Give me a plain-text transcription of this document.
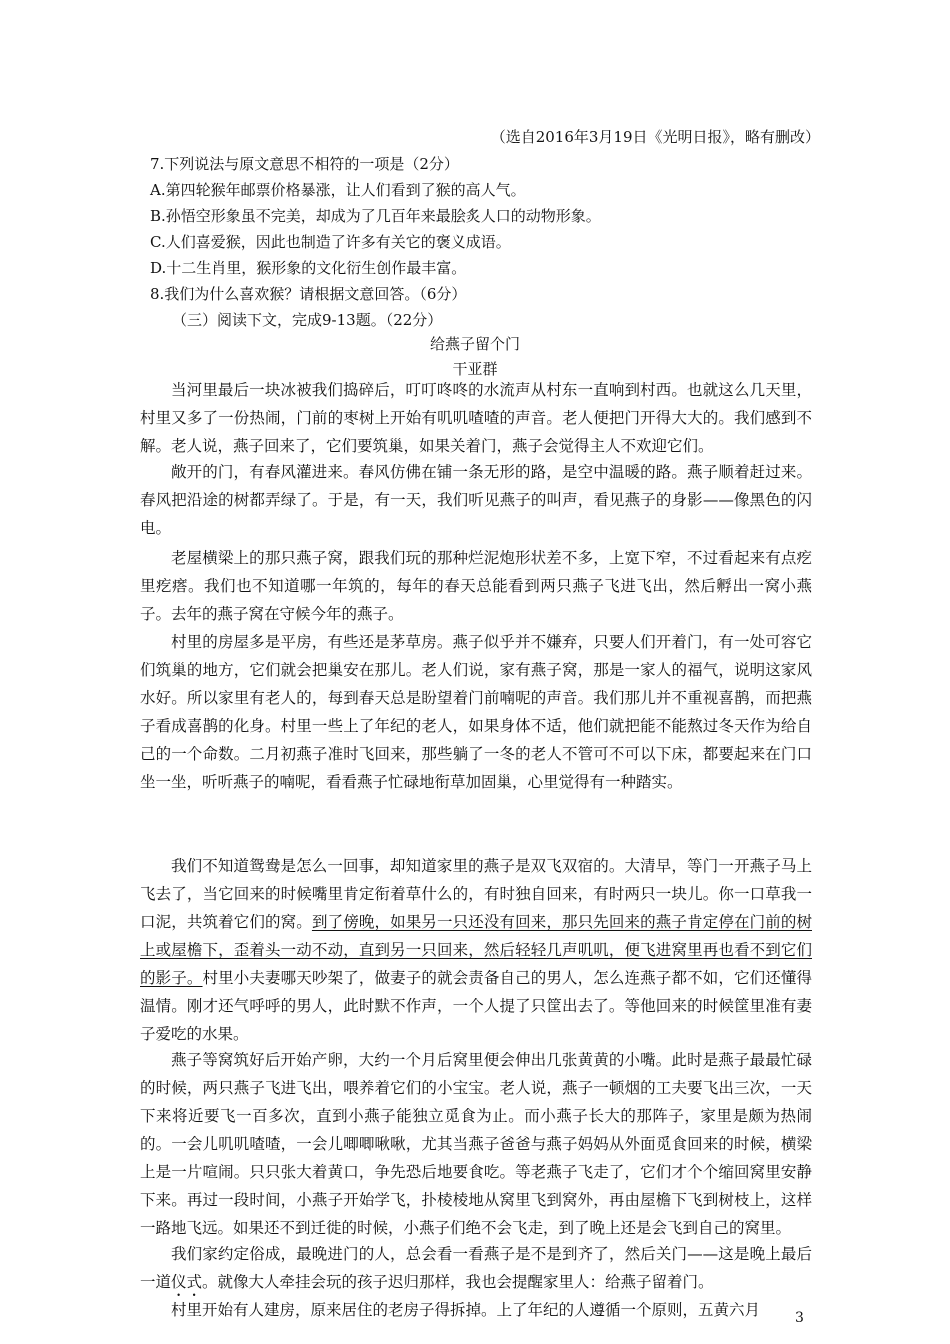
（选自2016年3月19日《光明日报》，略有删改）
7.下列说法与原文意思不相符的一项是（2分）
A.第四轮猴年邮票价格暴涨，让人们看到了猴的高人气。
B.孙悟空形象虽不完美，却成为了几百年来最脍炙人口的动物形象。
C.人们喜爱猴，因此也制造了许多有关它的褒义成语。
D.十二生肖里，猴形象的文化衍生创作最丰富。
8.我们为什么喜欢猴？请根据文意回答。（6分）
（三）阅读下文，完成9-13题。（22分）
给燕子留个门
干亚群
当河里最后一块冰被我们捣碎后，叮叮咚咚的水流声从村东一直响到村西。也就这么几天里，村里又多了一份热闹，门前的枣树上开始有叽叽喳喳的声音。老人便把门开得大大的。我们感到不解。老人说，燕子回来了，它们要筑巢，如果关着门，燕子会觉得主人不欢迎它们。
敞开的门，有春风灌进来。春风仿佛在铺一条无形的路，是空中温暖的路。燕子顺着赶过来。春风把沿途的树都弄绿了。于是，有一天，我们听见燕子的叫声，看见燕子的身影——像黑色的闪电。
老屋横梁上的那只燕子窝，跟我们玩的那种烂泥炮形状差不多，上宽下窄，不过看起来有点疙里疙瘩。我们也不知道哪一年筑的，每年的春天总能看到两只燕子飞进飞出，然后孵出一窝小燕子。去年的燕子窝在守候今年的燕子。
村里的房屋多是平房，有些还是茅草房。燕子似乎并不嫌弃，只要人们开着门，有一处可容它们筑巢的地方，它们就会把巢安在那儿。老人们说，家有燕子窝，那是一家人的福气，说明这家风水好。所以家里有老人的，每到春天总是盼望着门前喃呢的声音。我们那儿并不重视喜鹊，而把燕子看成喜鹊的化身。村里一些上了年纪的老人，如果身体不适，他们就把能不能熬过冬天作为给自己的一个命数。二月初燕子准时飞回来，那些躺了一冬的老人不管可不可以下床，都要起来在门口坐一坐，听听燕子的喃呢，看看燕子忙碌地衔草加固巢，心里觉得有一种踏实。
我们不知道鸳鸯是怎么一回事，却知道家里的燕子是双飞双宿的。大清早，等门一开燕子马上飞去了，当它回来的时候嘴里肯定衔着草什么的，有时独自回来，有时两只一块儿。你一口草我一口泥，共筑着它们的窝。到了傍晚，如果另一只还没有回来，那只先回来的燕子肯定停在门前的树上或屋檐下，歪着头一动不动，直到另一只回来，然后轻轻几声叽叽，便飞进窝里再也看不到它们的影子。村里小夫妻哪天吵架了，做妻子的就会责备自己的男人，怎么连燕子都不如，它们还懂得温情。刚才还气呼呼的男人，此时默不作声，一个人提了只筐出去了。等他回来的时候筐里准有妻子爱吃的水果。
燕子等窝筑好后开始产卵，大约一个月后窝里便会伸出几张黄黄的小嘴。此时是燕子最最忙碌的时候，两只燕子飞进飞出，喂养着它们的小宝宝。老人说，燕子一顿烟的工夫要飞出三次，一天下来将近要飞一百多次，直到小燕子能独立觅食为止。而小燕子长大的那阵子，家里是颇为热闹的。一会儿叽叽喳喳，一会儿唧唧啾啾，尤其当燕子爸爸与燕子妈妈从外面觅食回来的时候，横梁上是一片喧闹。只只张大着黄口，争先恐后地要食吃。等老燕子飞走了，它们才个个缩回窝里安静下来。再过一段时间，小燕子开始学飞，扑棱棱地从窝里飞到窝外，再由屋檐下飞到树枝上，这样一路地飞远。如果还不到迁徙的时候，小燕子们绝不会飞走，到了晚上还是会飞到自己的窝里。
我们家约定俗成，最晚进门的人，总会看一看燕子是不是到齐了，然后关门——这是晚上最后一道仪式。就像大人牵挂会玩的孩子迟归那样，我也会提醒家里人：给燕子留着门。
村里开始有人建房，原来居住的老房子得拆掉。上了年纪的人遵循一个原则，五黄六月	3
